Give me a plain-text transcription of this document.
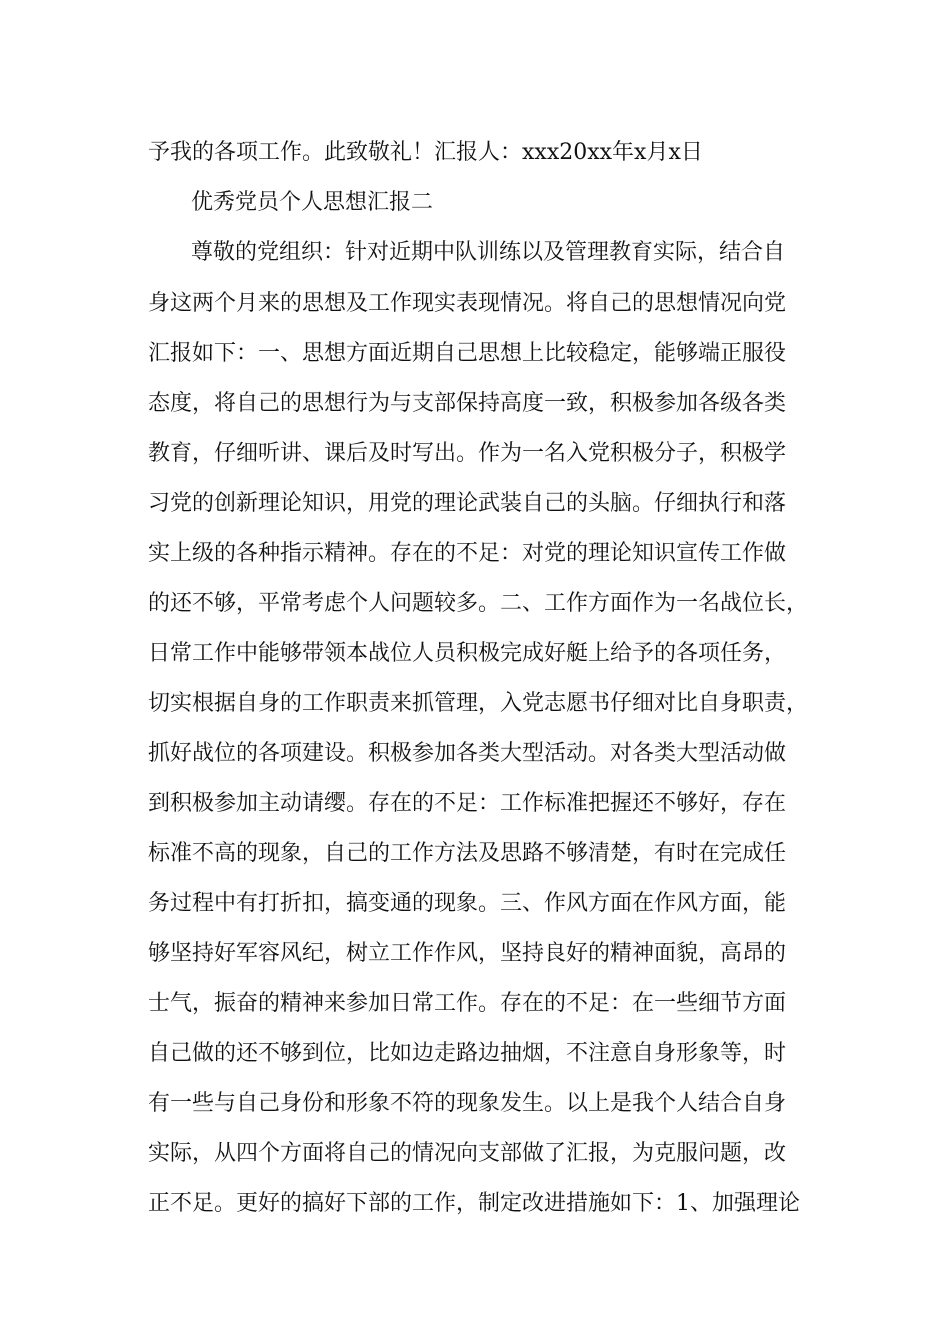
予我的各项工作。此致敬礼！汇报人：xxx20xx年x月x日
优秀党员个人思想汇报二
尊敬的党组织：针对近期中队训练以及管理教育实际，结合自
身这两个月来的思想及工作现实表现情况。将自己的思想情况向党
汇报如下：一、思想方面近期自己思想上比较稳定，能够端正服役
态度，将自己的思想行为与支部保持高度一致，积极参加各级各类
教育，仔细听讲、课后及时写出。作为一名入党积极分子，积极学
习党的创新理论知识，用党的理论武装自己的头脑。仔细执行和落
实上级的各种指示精神。存在的不足：对党的理论知识宣传工作做
的还不够，平常考虑个人问题较多。二、工作方面作为一名战位长，
日常工作中能够带领本战位人员积极完成好艇上给予的各项任务，
切实根据自身的工作职责来抓管理，入党志愿书仔细对比自身职责，
抓好战位的各项建设。积极参加各类大型活动。对各类大型活动做
到积极参加主动请缨。存在的不足：工作标准把握还不够好，存在
标准不高的现象，自己的工作方法及思路不够清楚，有时在完成任
务过程中有打折扣，搞变通的现象。三、作风方面在作风方面，能
够坚持好军容风纪，树立工作作风，坚持良好的精神面貌，高昂的
士气，振奋的精神来参加日常工作。存在的不足：在一些细节方面
自己做的还不够到位，比如边走路边抽烟，不注意自身形象等，时
有一些与自己身份和形象不符的现象发生。以上是我个人结合自身
实际，从四个方面将自己的情况向支部做了汇报，为克服问题，改
正不足。更好的搞好下部的工作，制定改进措施如下：1、加强理论
